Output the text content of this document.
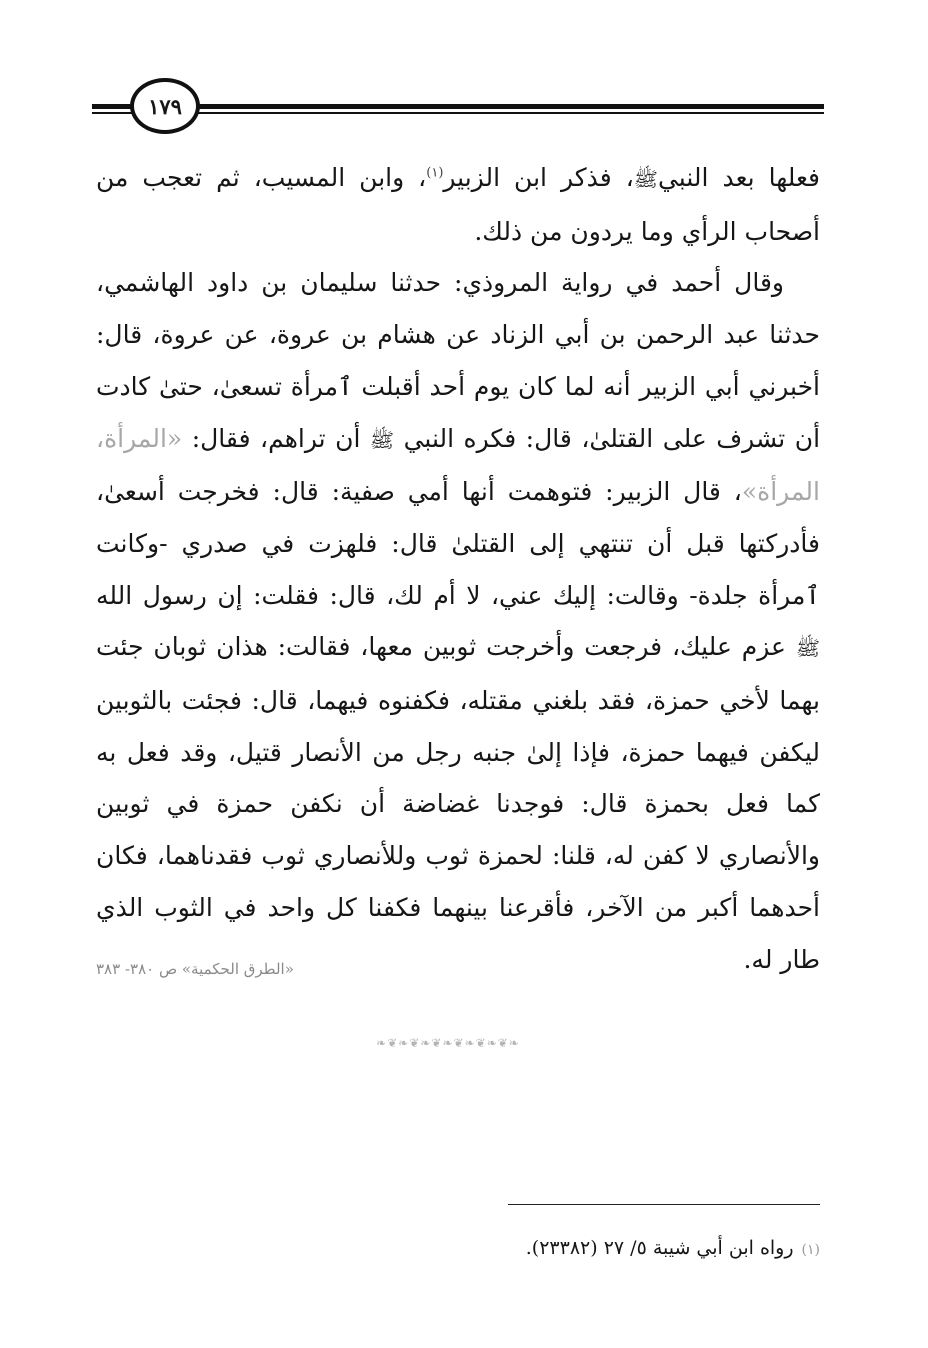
١٧٩

فعلها بعد النبيﷺ، فذكر ابن الزبير$^{(١)}$، وابن المسيب، ثم تعجب من أصحاب الرأي وما يردون من ذلك.

وقال أحمد في رواية المروذي: حدثنا سليمان بن داود الهاشمي، حدثنا عبد الرحمن بن أبي الزناد عن هشام بن عروة، عن عروة، قال: أخبرني أبي الزبير أنه لما كان يوم أحد أقبلت ٱمرأة تسعىٰ، حتىٰ كادت أن تشرف على القتلىٰ، قال: فكره النبي ﷺ أن تراهم، فقال: «المرأة، المرأة»، قال الزبير: فتوهمت أنها أمي صفية: قال: فخرجت أسعىٰ، فأدركتها قبل أن تنتهي إلى القتلىٰ قال: فلهزت في صدري -وكانت ٱمرأة جلدة- وقالت: إليك عني، لا أم لك، قال: فقلت: إن رسول الله ﷺ عزم عليك، فرجعت وأخرجت ثوبين معها، فقالت: هذان ثوبان جئت بهما لأخي حمزة، فقد بلغني مقتله، فكفنوه فيهما، قال: فجئت بالثوبين ليكفن فيهما حمزة، فإذا إلىٰ جنبه رجل من الأنصار قتيل، وقد فعل به كما فعل بحمزة قال: فوجدنا غضاضة أن نكفن حمزة في ثوبين والأنصاري لا كفن له، قلنا: لحمزة ثوب وللأنصاري ثوب فقدناهما، فكان أحدهما أكبر من الآخر، فأقرعنا بينهما فكفنا كل واحد في الثوب الذي طار له.

«الطرق الحكمية» ص ٣٨٠- ٣٨٣
❧❦❧❦❧❦❧❦❧❦❧❦❧
(١)رواه ابن أبي شيبة ٥/ ٢٧ (٢٣٣٨٢).
